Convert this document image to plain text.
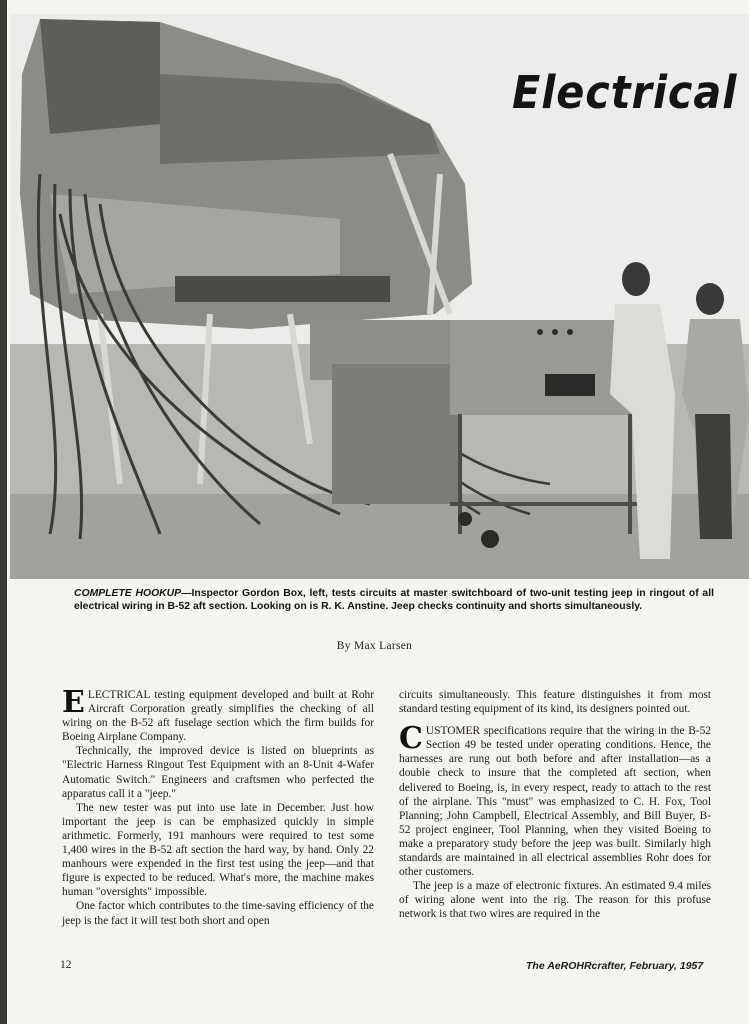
Electrical
COMPLETE HOOKUP—Inspector Gordon Box, left, tests circuits at master switchboard of two-unit testing jeep in ringout of all electrical wiring in B-52 aft section. Looking on is R. K. Anstine. Jeep checks continuity and shorts simultaneously.
By Max Larsen

ELECTRICAL testing equipment developed and built at Rohr Aircraft Corporation greatly simplifies the checking of all wiring on the B-52 aft fuselage section which the firm builds for Boeing Airplane Company.

Technically, the improved device is listed on blueprints as "Electric Harness Ringout Test Equipment with an 8-Unit 4-Wafer Automatic Switch." Engineers and craftsmen who perfected the apparatus call it a "jeep."

The new tester was put into use late in December. Just how important the jeep is can be emphasized quickly in simple arithmetic. Formerly, 191 manhours were required to test some 1,400 wires in the B-52 aft section the hard way, by hand. Only 22 manhours were expended in the first test using the jeep—and that figure is expected to be reduced. What's more, the machine makes human "oversights" impossible.

One factor which contributes to the time-saving efficiency of the jeep is the fact it will test both short and open

circuits simultaneously. This feature distinguishes it from most standard testing equipment of its kind, its designers pointed out.

CUSTOMER specifications require that the wiring in the B-52 Section 49 be tested under operating conditions. Hence, the harnesses are rung out both before and after installation—as a double check to insure that the completed aft section, when delivered to Boeing, is, in every respect, ready to attach to the rest of the airplane. This "must" was emphasized to C. H. Fox, Tool Planning; John Campbell, Electrical Assembly, and Bill Buyer, B-52 project engineer, Tool Planning, when they visited Boeing to make a preparatory study before the jeep was built. Similarly high standards are maintained in all electrical assemblies Rohr does for other customers.

The jeep is a maze of electronic fixtures. An estimated 9.4 miles of wiring alone went into the rig. The reason for this profuse network is that two wires are required in the

12	The AeROHRcrafter, February, 1957
